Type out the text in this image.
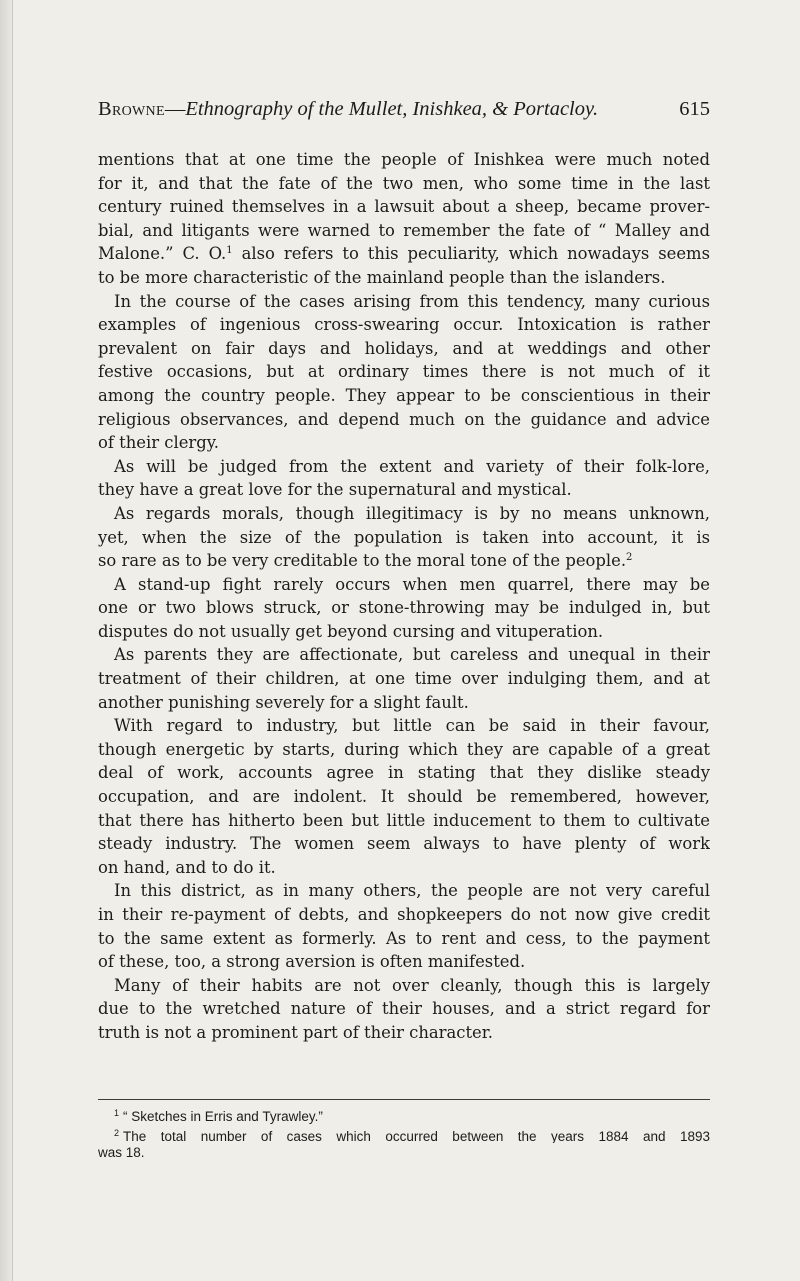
Browne—Ethnography of the Mullet, Inishkea, & Portacloy.	615
mentions that at one time the people of Inishkea were much noted
for it, and that the fate of the two men, who some time in the last
century ruined themselves in a lawsuit about a sheep, became prover-
bial, and litigants were warned to remember the fate of “ Malley and
Malone.” C. O.$^1$ also refers to this peculiarity, which nowadays seems
to be more characteristic of the mainland people than the islanders.
In the course of the cases arising from this tendency, many curious
examples of ingenious cross-swearing occur. Intoxication is rather
prevalent on fair days and holidays, and at weddings and other
festive occasions, but at ordinary times there is not much of it
among the country people. They appear to be conscientious in their
religious observances, and depend much on the guidance and advice
of their clergy.
As will be judged from the extent and variety of their folk-lore,
they have a great love for the supernatural and mystical.
As regards morals, though illegitimacy is by no means unknown,
yet, when the size of the population is taken into account, it is
so rare as to be very creditable to the moral tone of the people.$^2$
A stand-up fight rarely occurs when men quarrel, there may be
one or two blows struck, or stone-throwing may be indulged in, but
disputes do not usually get beyond cursing and vituperation.
As parents they are affectionate, but careless and unequal in their
treatment of their children, at one time over indulging them, and at
another punishing severely for a slight fault.
With regard to industry, but little can be said in their favour,
though energetic by starts, during which they are capable of a great
deal of work, accounts agree in stating that they dislike steady
occupation, and are indolent. It should be remembered, however,
that there has hitherto been but little inducement to them to cultivate
steady industry. The women seem always to have plenty of work
on hand, and to do it.
In this district, as in many others, the people are not very careful
in their re-payment of debts, and shopkeepers do not now give credit
to the same extent as formerly. As to rent and cess, to the payment
of these, too, a strong aversion is often manifested.
Many of their habits are not over cleanly, though this is largely
due to the wretched nature of their houses, and a strict regard for
truth is not a prominent part of their character.
$^1$ “ Sketches in Erris and Tyrawley.”
$^2$ The total number of cases which occurred between the years 1884 and 1893
was 18.
